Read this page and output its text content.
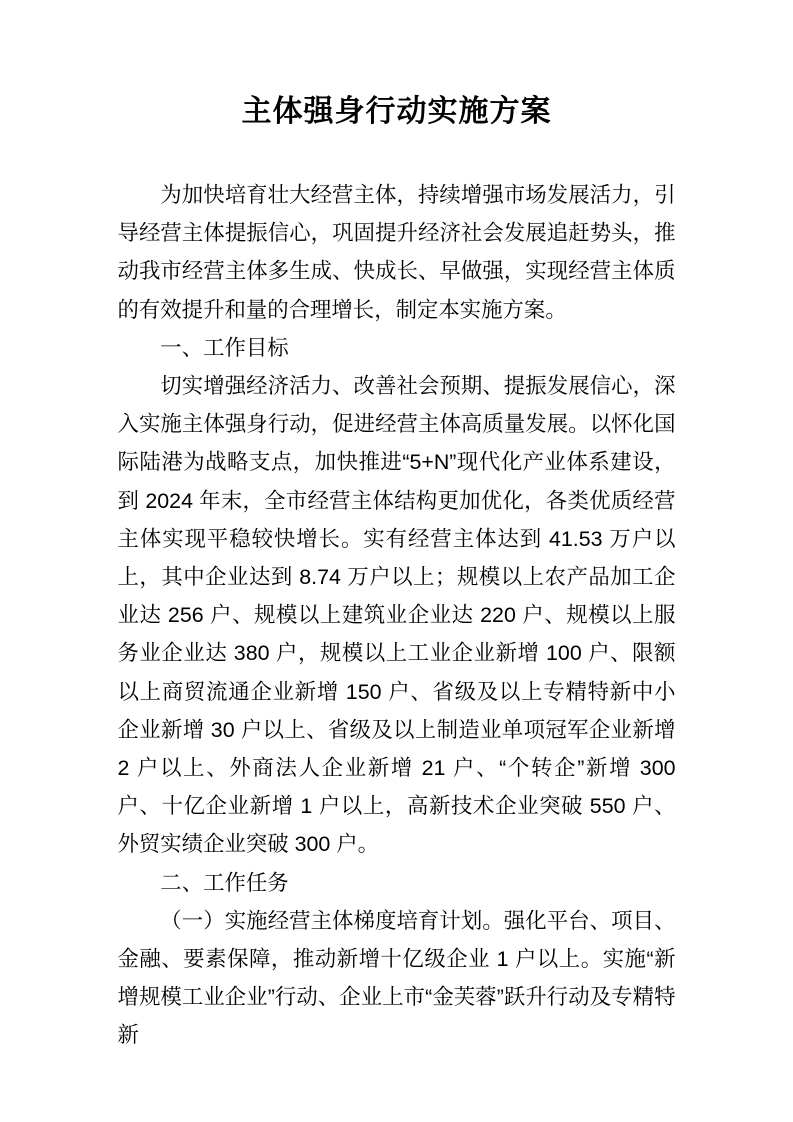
主体强身行动实施方案

为加快培育壮大经营主体，持续增强市场发展活力，引导经营主体提振信心，巩固提升经济社会发展追赶势头，推动我市经营主体多生成、快成长、早做强，实现经营主体质的有效提升和量的合理增长，制定本实施方案。

一、工作目标

切实增强经济活力、改善社会预期、提振发展信心，深入实施主体强身行动，促进经营主体高质量发展。以怀化国际陆港为战略支点，加快推进“5+N”现代化产业体系建设，到 2024 年末，全市经营主体结构更加优化，各类优质经营主体实现平稳较快增长。实有经营主体达到 41.53 万户以上，其中企业达到 8.74 万户以上；规模以上农产品加工企业达 256 户、规模以上建筑业企业达 220 户、规模以上服务业企业达 380 户，规模以上工业企业新增 100 户、限额以上商贸流通企业新增 150 户、省级及以上专精特新中小企业新增 30 户以上、省级及以上制造业单项冠军企业新增 2 户以上、外商法人企业新增 21 户、“个转企”新增 300 户、十亿企业新增 1 户以上，高新技术企业突破 550 户、外贸实绩企业突破 300 户。

二、工作任务

（一）实施经营主体梯度培育计划。强化平台、项目、金融、要素保障，推动新增十亿级企业 1 户以上。实施“新增规模工业企业”行动、企业上市“金芙蓉”跃升行动及专精特新
